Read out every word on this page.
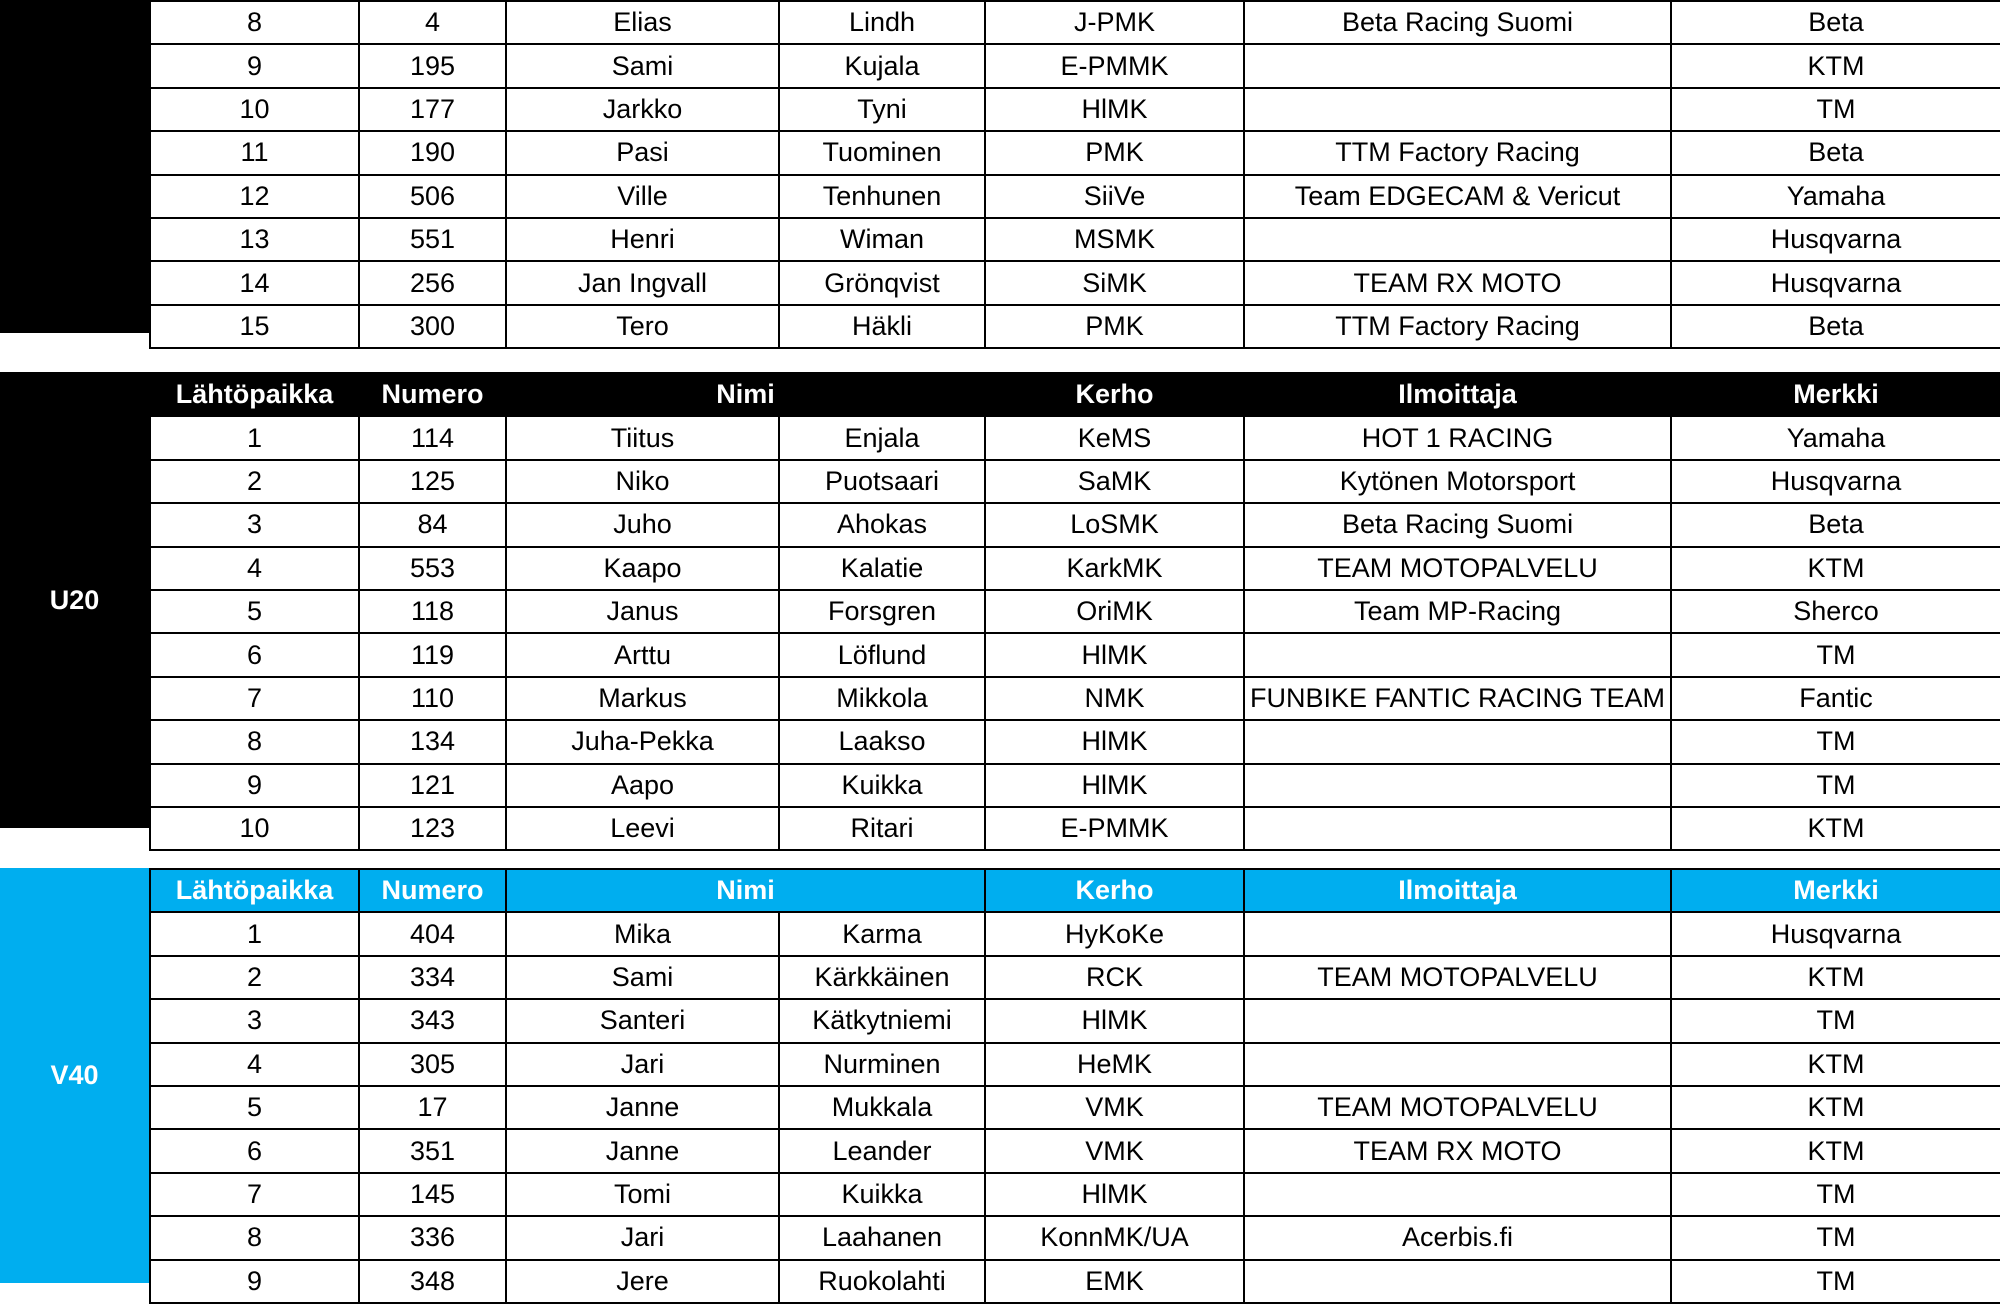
8	4	Elias	Lindh	J-PMK	Beta Racing Suomi	Beta
9	195	Sami	Kujala	E-PMMK		KTM
10	177	Jarkko	Tyni	HlMK		TM
11	190	Pasi	Tuominen	PMK	TTM Factory Racing	Beta
12	506	Ville	Tenhunen	SiiVe	Team EDGECAM & Vericut	Yamaha
13	551	Henri	Wiman	MSMK		Husqvarna
14	256	Jan Ingvall	Grönqvist	SiMK	TEAM RX MOTO	Husqvarna
15	300	Tero	Häkli	PMK	TTM Factory Racing	Beta
U20
Lähtöpaikka	Numero	Nimi		Kerho	Ilmoittaja	Merkki
1	114	Tiitus	Enjala	KeMS	HOT 1 RACING	Yamaha
2	125	Niko	Puotsaari	SaMK	Kytönen Motorsport	Husqvarna
3	84	Juho	Ahokas	LoSMK	Beta Racing Suomi	Beta
4	553	Kaapo	Kalatie	KarkMK	TEAM MOTOPALVELU	KTM
5	118	Janus	Forsgren	OriMK	Team MP-Racing	Sherco
6	119	Arttu	Löflund	HlMK		TM
7	110	Markus	Mikkola	NMK	FUNBIKE FANTIC RACING TEAM	Fantic
8	134	Juha-Pekka	Laakso	HlMK		TM
9	121	Aapo	Kuikka	HlMK		TM
10	123	Leevi	Ritari	E-PMMK		KTM
V40
Lähtöpaikka	Numero	Nimi		Kerho	Ilmoittaja	Merkki
1	404	Mika	Karma	HyKoKe		Husqvarna
2	334	Sami	Kärkkäinen	RCK	TEAM MOTOPALVELU	KTM
3	343	Santeri	Kätkytniemi	HlMK		TM
4	305	Jari	Nurminen	HeMK		KTM
5	17	Janne	Mukkala	VMK	TEAM MOTOPALVELU	KTM
6	351	Janne	Leander	VMK	TEAM RX MOTO	KTM
7	145	Tomi	Kuikka	HlMK		TM
8	336	Jari	Laahanen	KonnMK/UA	Acerbis.fi	TM
9	348	Jere	Ruokolahti	EMK		TM
